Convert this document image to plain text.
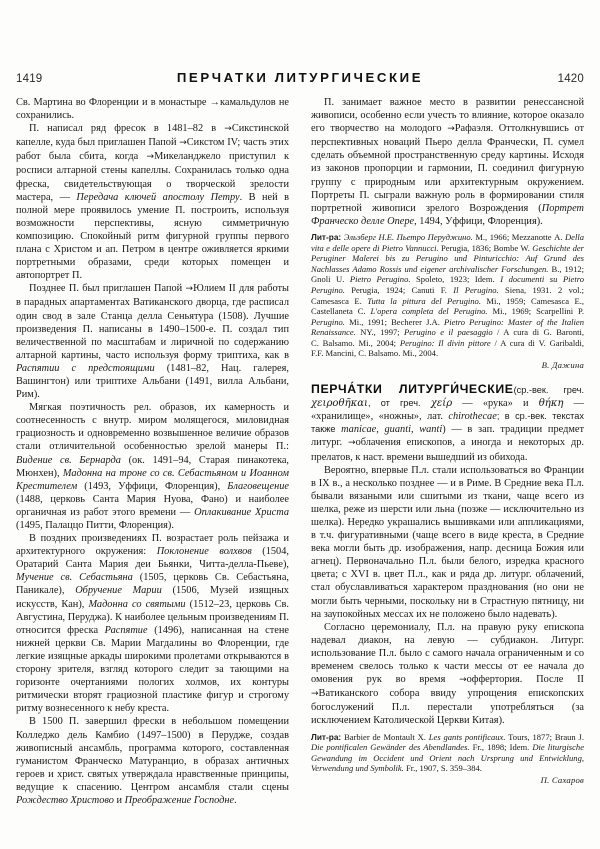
1419	ПЕРЧАТКИ ЛИТУРГИЧЕСКИЕ	1420

Св. Мартина во Флоренции и в монастыре →камальдулов не сохранились.

П. написал ряд фресок в 1481–82 в →Сикстинской капелле, куда был приглашен Папой →Сикстом IV; часть этих работ была сбита, когда →Микеланджело приступил к росписи алтарной стены капеллы. Сохранилась только одна фреска, свидетельствующая о творческой зрелости мастера, — Передача ключей апостолу Петру. В ней в полной мере проявилось умение П. построить, используя возможности перспективы, ясную симметричную композицию. Спокойный ритм фигурной группы первого плана с Христом и ап. Петром в центре оживляется яркими портретными образами, среди которых помещен и автопортрет П.

Позднее П. был приглашен Папой →Юлием II для работы в парадных апартаментах Ватиканского дворца, где расписал один свод в зале Станца делла Сеньятура (1508). Лучшие произведения П. написаны в 1490–1500-е. П. создал тип величественной по масштабам и лиричной по содержанию алтарной картины, часто используя форму триптиха, как в Распятии с предстоящими (1481–82, Нац. галерея, Вашингтон) или триптихе Альбани (1491, вилла Альбани, Рим).

Мягкая поэтичность рел. образов, их камерность и соотнесенность с внутр. миром молящегося, миловидная грациозность и одновременно возвышенное величие образов стали отличительной особенностью зрелой манеры П.: Видение св. Бернарда (ок. 1491–94, Старая пинакотека, Мюнхен), Мадонна на троне со св. Себастьяном и Иоанном Крестителем (1493, Уффици, Флоренция), Благовещение (1488, церковь Санта Мария Нуова, Фано) и наиболее органичная из работ этого времени — Оплакивание Христа (1495, Палаццо Питти, Флоренция).

В поздних произведениях П. возрастает роль пейзажа и архитектурного окружения: Поклонение волхвов (1504, Оратарий Санта Мария деи Бьянки, Читта-делла-Пьеве), Мучение св. Себастьяна (1505, церковь Св. Себастьяна, Паникале), Обручение Марии (1506, Музей изящных искусств, Кан), Мадонна со святыми (1512–23, церковь Св. Августина, Перуджа). К наиболее цельным произведениям П. относится фреска Распятие (1496), написанная на стене нижней церкви Св. Марии Магдалины во Флоренции, где легкие изящные аркады широкими пролетами открываются в сторону зрителя, взгляд которого следит за тающими на горизонте очертаниями пологих холмов, их контуры ритмически вторят грациозной пластике фигур и строгому ритму вознесенного к небу креста.

В 1500 П. завершил фрески в небольшом помещении Колледжо дель Камбио (1497–1500) в Перудже, создав живописный ансамбль, программа которого, составленная гуманистом Франческо Матуранцио, в образах античных героев и христ. святых утверждала нравственные принципы, ведущие к спасению. Центром ансамбля стали сцены Рождество Христово и Преображение Господне.

П. занимает важное место в развитии ренессансной живописи, особенно если учесть то влияние, которое оказало его творчество на молодого →Рафаэля. Оттолкнувшись от перспективных новаций Пьеро делла Франчески, П. сумел сделать объемной пространственную среду картины. Исходя из законов пропорции и гармонии, П. соединил фигурную группу с природным или архитектурным окружением. Портреты П. сыграли важную роль в формировании стиля портретной живописи зрелого Возрождения (Портрет Франческо делле Опере, 1494, Уффици, Флоренция).

Лит-ра: Эльзберг Н.Е. Пьетро Перуджино. М., 1966; Mezzanotte A. Della vita e delle opere di Pietro Vannucci. Perugia, 1836; Bombe W. Geschichte der Peruginer Malerei bis zu Perugino und Pinturicchio: Auf Grund des Nachlasses Adamo Rossis und eigener archivalischer Forschungen. B., 1912; Gnoli U. Pietro Perugino. Spoleto, 1923; Idem. I documenti su Pietro Perugino. Perugia, 1924; Canuti F. Il Perugino. Siena, 1931. 2 vol.; Camesasca E. Tutta la pittura del Perugino. Mi., 1959; Camesasca E., Castellaneta C. L'opera completa del Perugino. Mi., 1969; Scarpellini P. Perugino. Mi., 1991; Becherer J.A. Pietro Perugino: Master of the Italien Renaissance. NY., 1997; Perugino e il paesaggio / A cura di G. Baronti, C. Balsamo. Mi., 2004; Perugino: Il divin pittore / A cura di V. Garibaldi, F.F. Mancini, C. Balsamo. Mi., 2004.
В. Дажина

ПЕРЧА́ТКИ ЛИТУРГИ́ЧЕСКИЕ(ср.-век. греч. χειροθῆκαι, от греч. χείρ — «рука» и θήκη — «хранилище», «ножны», лат. chirothecae; в ср.-век. текстах также manicae, guanti, wanti) — в зап. традиции предмет литург. →облачения епископов, а иногда и некоторых др. прелатов, к наст. времени вышедший из обихода.

Вероятно, впервые П.л. стали использоваться во Франции в IX в., а несколько позднее — и в Риме. В Средние века П.л. бывали вязаными или сшитыми из ткани, чаще всего из шелка, реже из шерсти или льна (позже — исключительно из шелка). Нередко украшались вышивками или аппликациями, в т.ч. фигуративными (чаще всего в виде креста, в Средние века могли быть др. изображения, напр. десница Божия или агнец). Первоначально П.л. были белого, изредка красного цвета; с XVI в. цвет П.л., как и ряда др. литург. облачений, стал обуславливаться характером празднования (но они не могли быть черными, поскольку ни в Страстную пятницу, ни на заупокойных мессах их не положено было надевать).

Согласно церемониалу, П.л. на правую руку епископа надевал диакон, на левую — субдиакон. Литург. использование П.л. было с самого начала ограниченным и со временем свелось только к части мессы от ее начала до омовения рук во время →оффертория. После II →Ватиканского собора ввиду упрощения епископских богослужений П.л. перестали употребляться (за исключением Католической Церкви Китая).

Лит-ра: Barbier de Montault X. Les gants pontificaux. Tours, 1877; Braun J. Die pontificalen Gewänder des Abendlandes. Fr., 1898; Idem. Die liturgische Gewandung im Occident und Orient nach Ursprung und Entwicklung, Verwendung und Symbolik. Fr., 1907, S. 359–384.
П. Сахаров
